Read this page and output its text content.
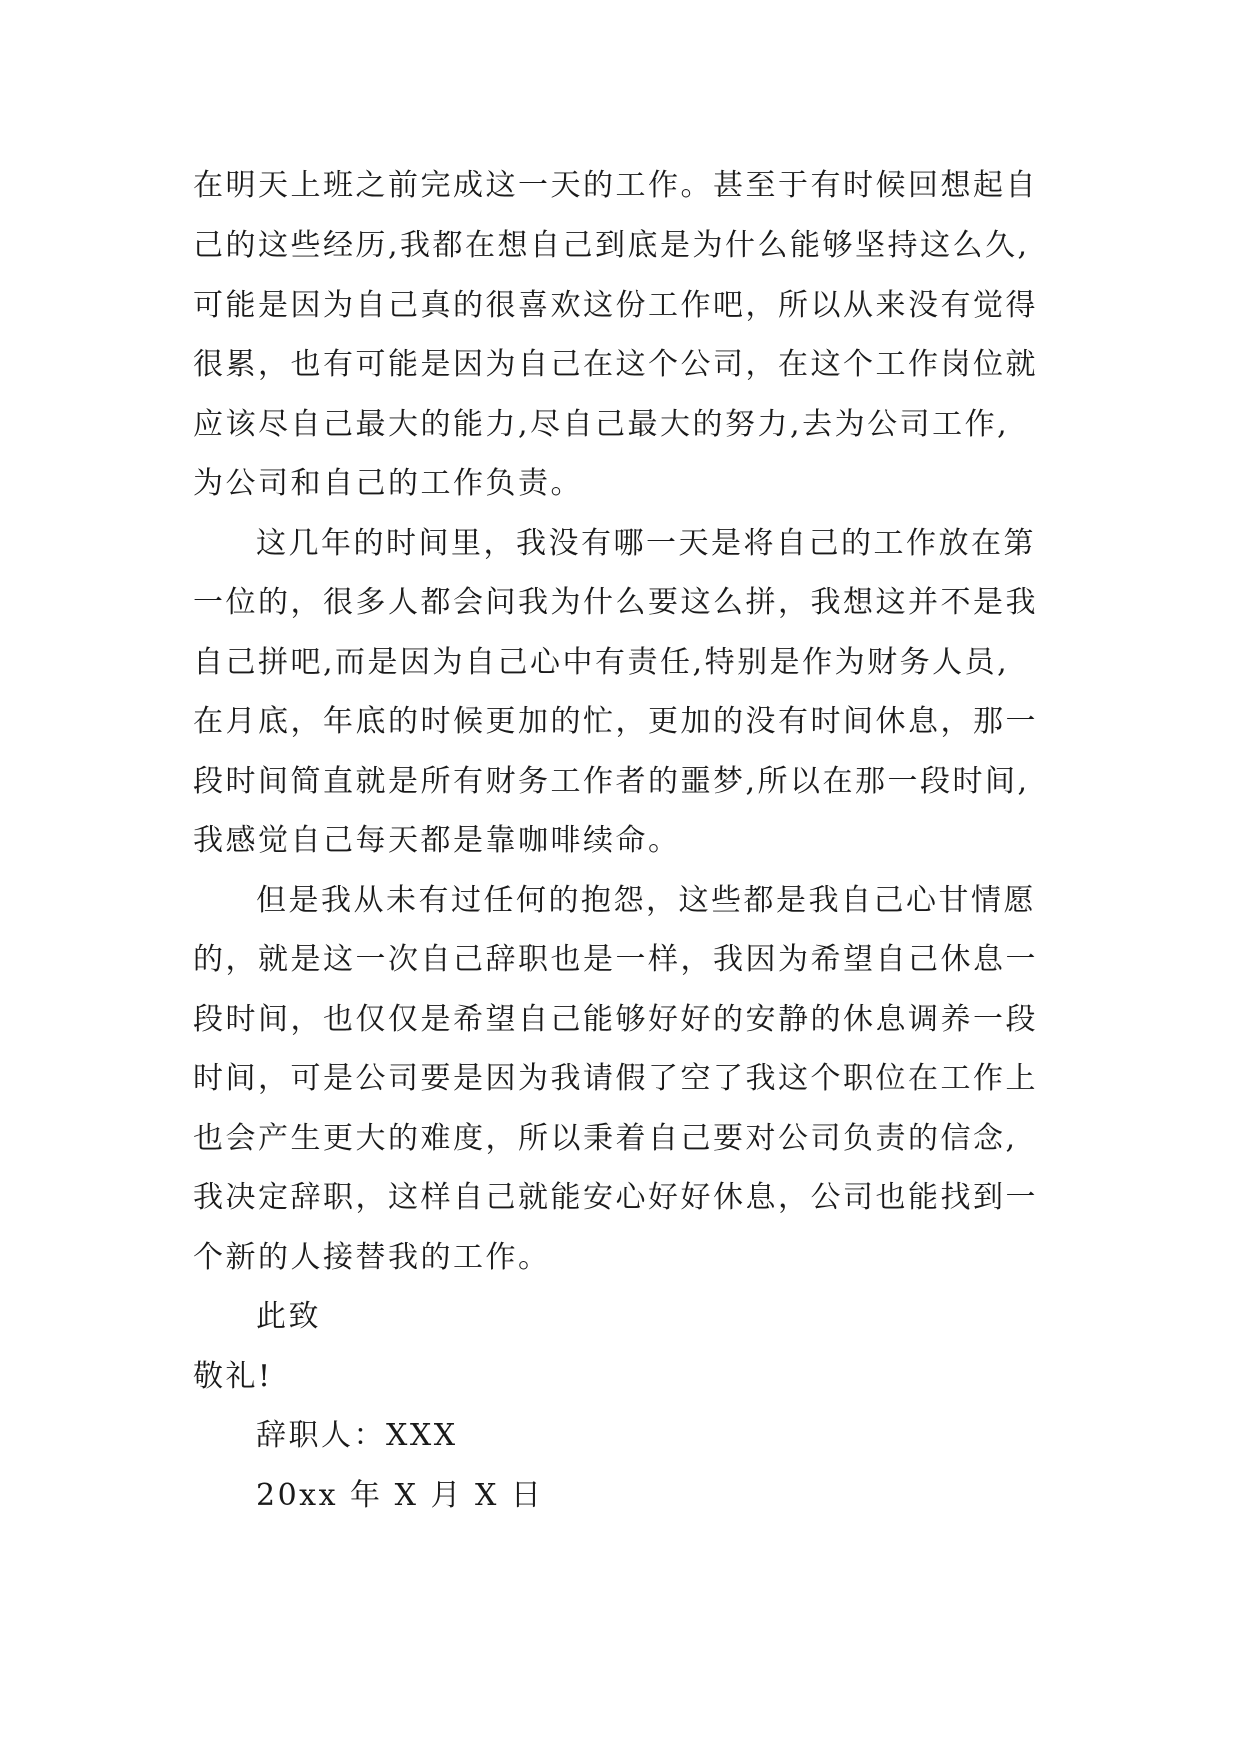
在明天上班之前完成这一天的工作。甚至于有时候回想起自

己的这些经历,我都在想自己到底是为什么能够坚持这么久,

可能是因为自己真的很喜欢这份工作吧，所以从来没有觉得

很累，也有可能是因为自己在这个公司，在这个工作岗位就

应该尽自己最大的能力,尽自己最大的努力,去为公司工作,

为公司和自己的工作负责。

这几年的时间里，我没有哪一天是将自己的工作放在第

一位的，很多人都会问我为什么要这么拼，我想这并不是我

自己拼吧,而是因为自己心中有责任,特别是作为财务人员,

在月底，年底的时候更加的忙，更加的没有时间休息，那一

段时间简直就是所有财务工作者的噩梦,所以在那一段时间,

我感觉自己每天都是靠咖啡续命。

但是我从未有过任何的抱怨，这些都是我自己心甘情愿

的，就是这一次自己辞职也是一样，我因为希望自己休息一

段时间，也仅仅是希望自己能够好好的安静的休息调养一段

时间，可是公司要是因为我请假了空了我这个职位在工作上

也会产生更大的难度，所以秉着自己要对公司负责的信念,

我决定辞职，这样自己就能安心好好休息，公司也能找到一

个新的人接替我的工作。

此致

敬礼!

辞职人：XXX

20xx 年 X 月 X 日
